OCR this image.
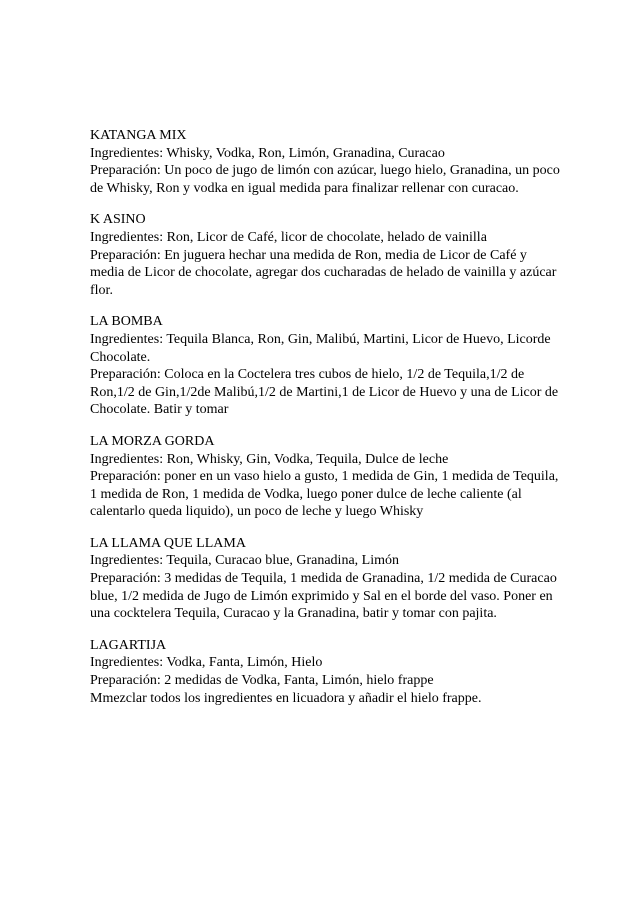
KATANGA MIX

Ingredientes: Whisky, Vodka, Ron, Limón, Granadina, Curacao

Preparación: Un poco de jugo de limón con azúcar, luego hielo, Granadina, un poco de Whisky, Ron y vodka en igual medida para finalizar rellenar con curacao.

K ASINO

Ingredientes: Ron, Licor de Café, licor de chocolate, helado de vainilla

Preparación: En juguera hechar una medida de Ron, media de Licor de Café y media de Licor de chocolate, agregar dos cucharadas de helado de vainilla y azúcar flor.

LA BOMBA

Ingredientes: Tequila Blanca, Ron, Gin, Malibú, Martini, Licor de Huevo, Licorde Chocolate.

Preparación: Coloca en la Coctelera tres cubos de hielo, 1/2 de Tequila,1/2 de Ron,1/2 de Gin,1/2de Malibú,1/2 de Martini,1 de Licor de Huevo y una de Licor de Chocolate. Batir y tomar

LA MORZA GORDA

Ingredientes: Ron, Whisky, Gin, Vodka, Tequila, Dulce de leche

Preparación: poner en un vaso hielo a gusto, 1 medida de Gin, 1 medida de Tequila, 1 medida de Ron, 1 medida de Vodka, luego poner dulce de leche caliente (al calentarlo queda liquido), un poco de leche y luego Whisky

LA LLAMA QUE LLAMA

Ingredientes: Tequila, Curacao blue, Granadina, Limón

Preparación: 3 medidas de Tequila, 1 medida de Granadina, 1/2 medida de Curacao blue, 1/2 medida de Jugo de Limón exprimido y Sal en el borde del vaso. Poner en una cocktelera Tequila, Curacao y la Granadina, batir y tomar con pajita.

LAGARTIJA

Ingredientes: Vodka, Fanta, Limón, Hielo

Preparación: 2 medidas de Vodka, Fanta, Limón, hielo frappe

Mmezclar todos los ingredientes en licuadora y añadir el hielo frappe.
